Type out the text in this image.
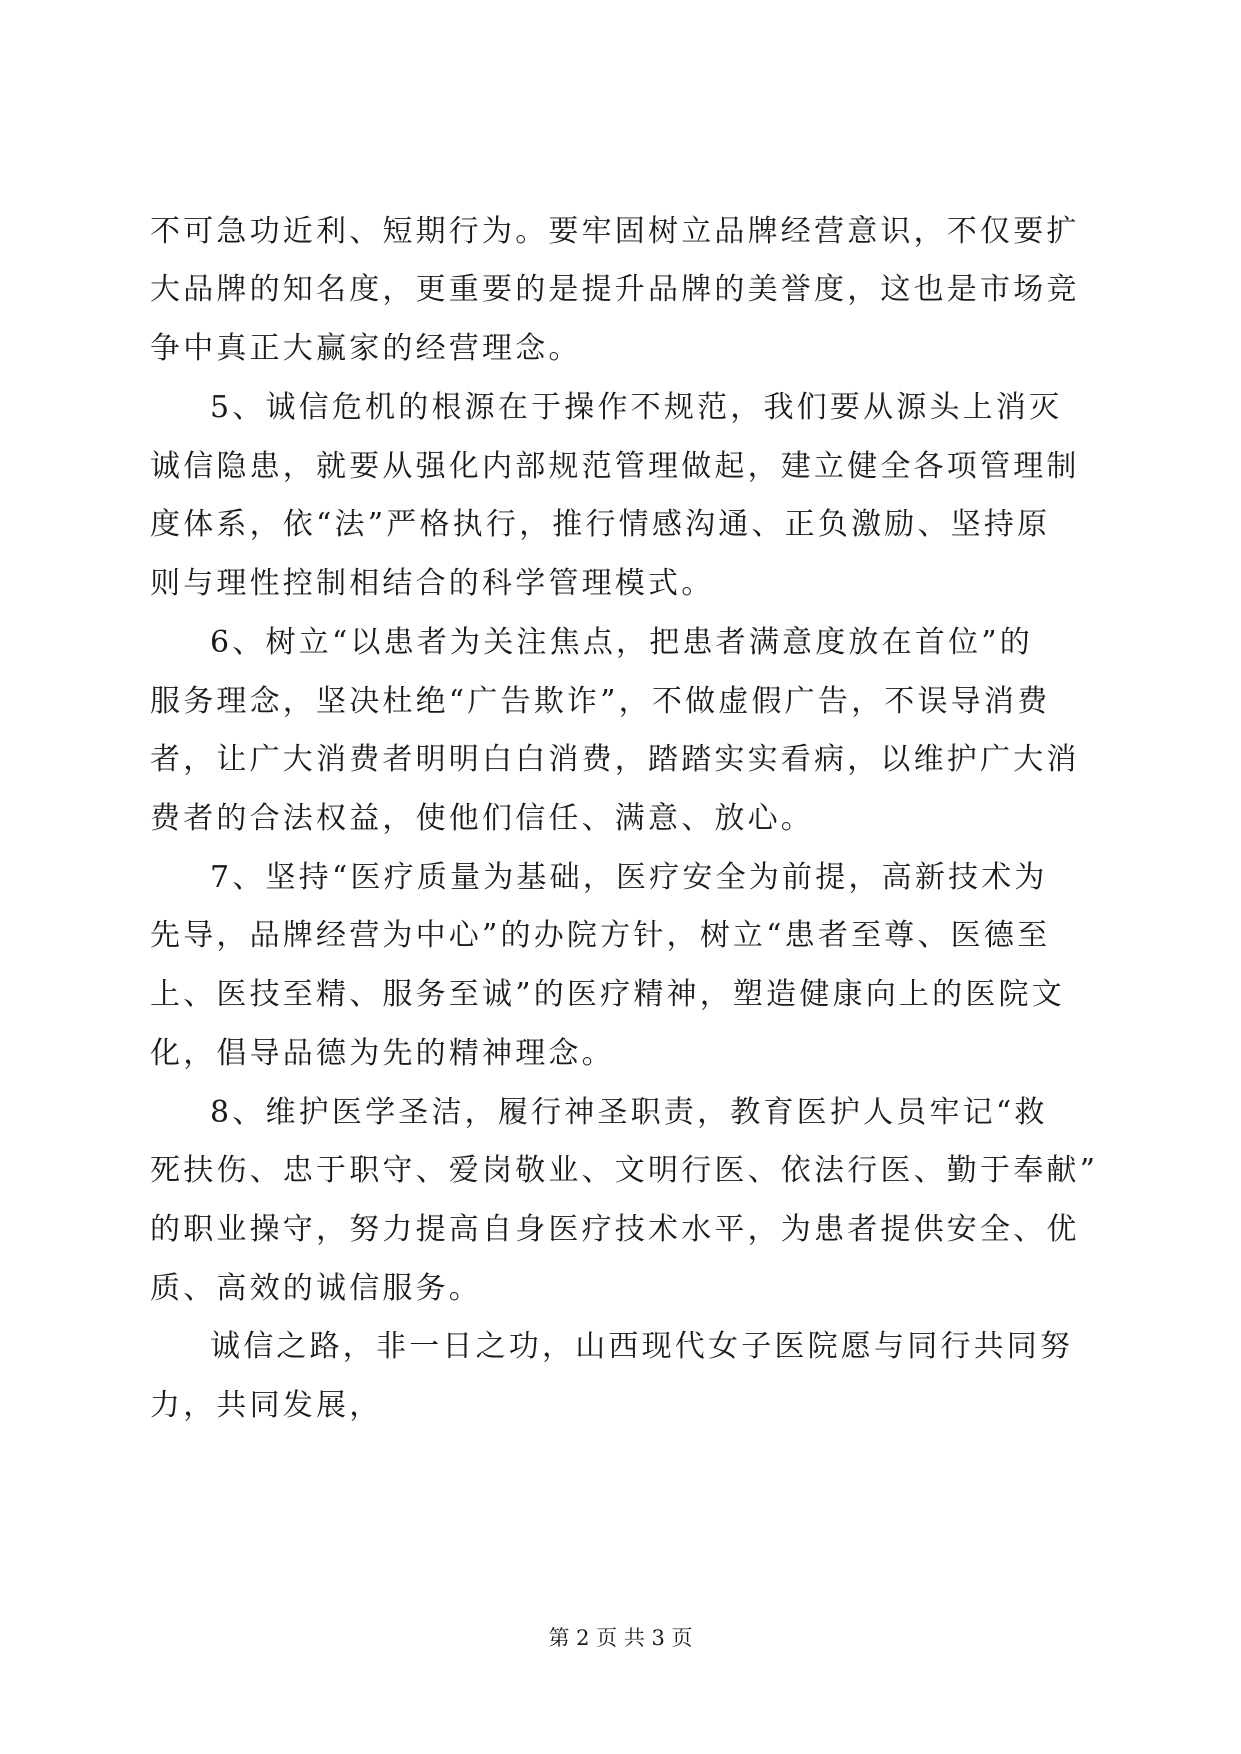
不可急功近利、短期行为。要牢固树立品牌经营意识，不仅要扩
大品牌的知名度，更重要的是提升品牌的美誉度，这也是市场竞
争中真正大赢家的经营理念。
5、诚信危机的根源在于操作不规范，我们要从源头上消灭
诚信隐患，就要从强化内部规范管理做起，建立健全各项管理制
度体系，依“法”严格执行，推行情感沟通、正负激励、坚持原
则与理性控制相结合的科学管理模式。
6、树立“以患者为关注焦点，把患者满意度放在首位”的
服务理念，坚决杜绝“广告欺诈”，不做虚假广告，不误导消费
者，让广大消费者明明白白消费，踏踏实实看病，以维护广大消
费者的合法权益，使他们信任、满意、放心。
7、坚持“医疗质量为基础，医疗安全为前提，高新技术为
先导，品牌经营为中心”的办院方针，树立“患者至尊、医德至
上、医技至精、服务至诚”的医疗精神，塑造健康向上的医院文
化，倡导品德为先的精神理念。
8、维护医学圣洁，履行神圣职责，教育医护人员牢记“救
死扶伤、忠于职守、爱岗敬业、文明行医、依法行医、勤于奉献”
的职业操守，努力提高自身医疗技术水平，为患者提供安全、优
质、高效的诚信服务。
诚信之路，非一日之功，山西现代女子医院愿与同行共同努
力，共同发展，
第 2 页 共 3 页
